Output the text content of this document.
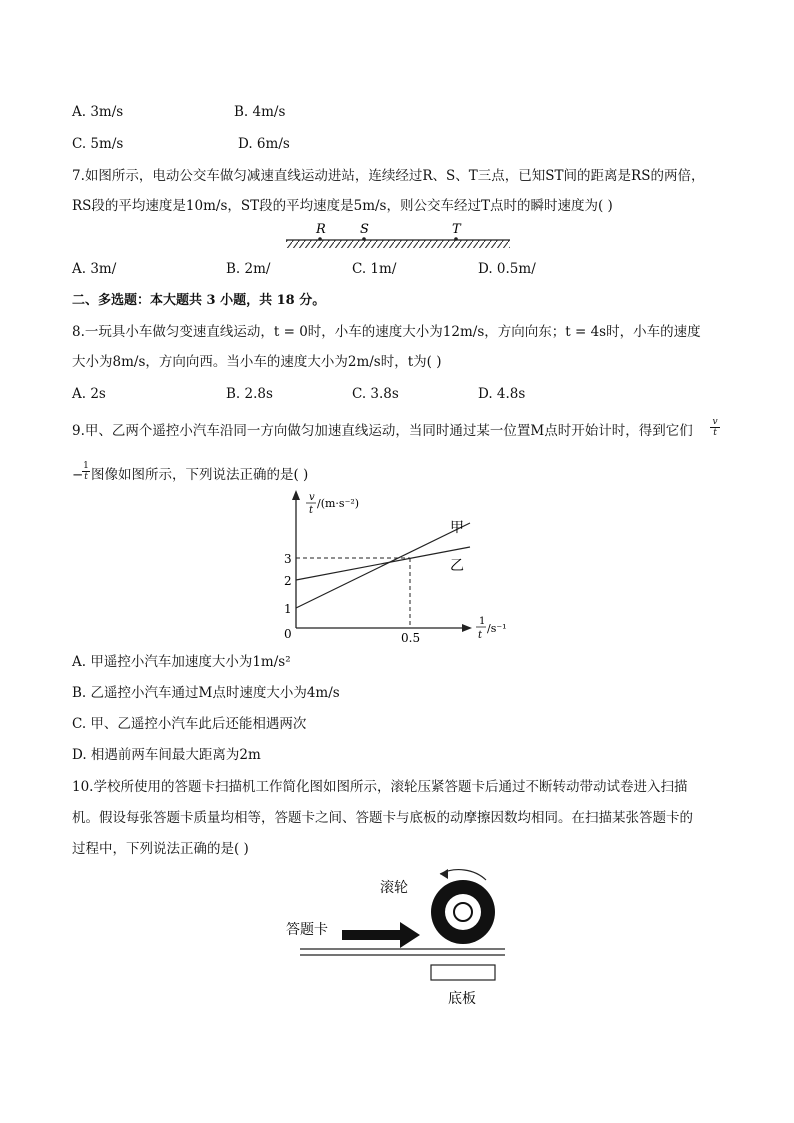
A. 3m/s	B. 4m/s
C. 5m/s	D. 6m/s
7.如图所示，电动公交车做匀减速直线运动进站，连续经过R、S、T三点，已知ST间的距离是RS的两倍，
RS段的平均速度是10m/s，ST段的平均速度是5m/s，则公交车经过T点时的瞬时速度为( )
R	S	T
A. 3m/	B. 2m/	C. 1m/	D. 0.5m/
二、多选题：本大题共 3 小题，共 18 分。
8.一玩具小车做匀变速直线运动，t = 0时，小车的速度大小为12m/s，方向向东；t = 4s时，小车的速度
大小为8m/s，方向向西。当小车的速度大小为2m/s时，t为( )
A. 2s	B. 2.8s	C. 3.8s	D. 4.8s
9.甲、乙两个遥控小汽车沿同一方向做匀加速直线运动，当同时通过某一位置M点时开始计时，得到它们
v
t
−
1
t 图像如图所示，下列说法正确的是( )
3
2
1
0	0.5
甲
乙
v
t
/(m·s⁻²)
1
t
/s⁻¹
A. 甲遥控小汽车加速度大小为1m/s²
B. 乙遥控小汽车通过M点时速度大小为4m/s
C. 甲、乙遥控小汽车此后还能相遇两次
D. 相遇前两车间最大距离为2m
10.学校所使用的答题卡扫描机工作简化图如图所示，滚轮压紧答题卡后通过不断转动带动试卷进入扫描
机。假设每张答题卡质量均相等，答题卡之间、答题卡与底板的动摩擦因数均相同。在扫描某张答题卡的
过程中，下列说法正确的是( )
滚轮
答题卡
底板
